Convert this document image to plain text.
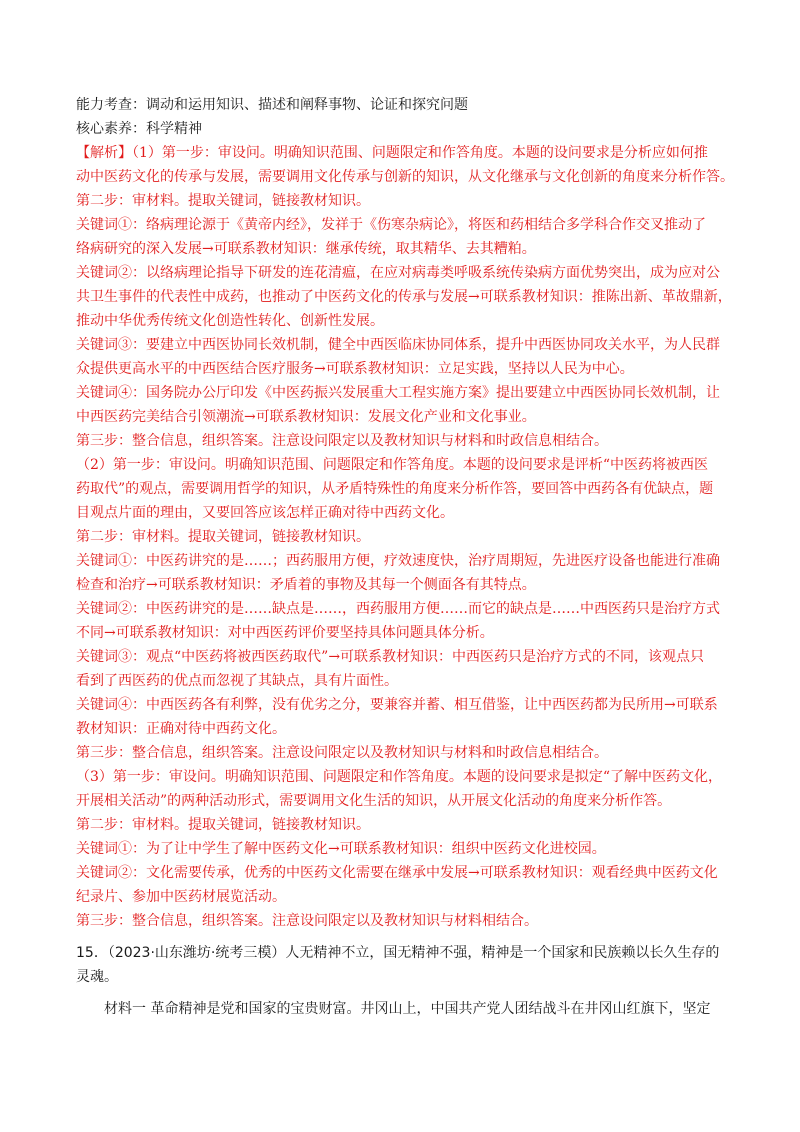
能力考查：调动和运用知识、描述和阐释事物、论证和探究问题
核心素养：科学精神
【解析】（1）第一步：审设问。明确知识范围、问题限定和作答角度。本题的设问要求是分析应如何推
动中医药文化的传承与发展，需要调用文化传承与创新的知识，从文化继承与文化创新的角度来分析作答。
第二步：审材料。提取关键词，链接教材知识。
关键词①：络病理论源于《黄帝内经》，发祥于《伤寒杂病论》，将医和药相结合多学科合作交叉推动了
络病研究的深入发展→可联系教材知识：继承传统，取其精华、去其糟粕。
关键词②：以络病理论指导下研发的连花清瘟，在应对病毒类呼吸系统传染病方面优势突出，成为应对公
共卫生事件的代表性中成药，也推动了中医药文化的传承与发展→可联系教材知识：推陈出新、革故鼎新，
推动中华优秀传统文化创造性转化、创新性发展。
关键词③：要建立中西医协同长效机制，健全中西医临床协同体系，提升中西医协同攻关水平，为人民群
众提供更高水平的中西医结合医疗服务→可联系教材知识：立足实践，坚持以人民为中心。
关键词④：国务院办公厅印发《中医药振兴发展重大工程实施方案》提出要建立中西医协同长效机制，让
中西医药完美结合引领潮流→可联系教材知识：发展文化产业和文化事业。
第三步：整合信息，组织答案。注意设问限定以及教材知识与材料和时政信息相结合。
（2）第一步：审设问。明确知识范围、问题限定和作答角度。本题的设问要求是评析“中医药将被西医
药取代”的观点，需要调用哲学的知识，从矛盾特殊性的角度来分析作答，要回答中西药各有优缺点，题
目观点片面的理由，又要回答应该怎样正确对待中西药文化。
第二步：审材料。提取关键词，链接教材知识。
关键词①：中医药讲究的是……；西药服用方便，疗效速度快，治疗周期短，先进医疗设备也能进行准确
检查和治疗→可联系教材知识：矛盾着的事物及其每一个侧面各有其特点。
关键词②：中医药讲究的是……缺点是……，西药服用方便……而它的缺点是……中西医药只是治疗方式
不同→可联系教材知识：对中西医药评价要坚持具体问题具体分析。
关键词③：观点“中医药将被西医药取代”→可联系教材知识：中西医药只是治疗方式的不同，该观点只
看到了西医药的优点而忽视了其缺点，具有片面性。
关键词④：中西医药各有利弊，没有优劣之分，要兼容并蓄、相互借鉴，让中西医药都为民所用→可联系
教材知识：正确对待中西药文化。
第三步：整合信息，组织答案。注意设问限定以及教材知识与材料和时政信息相结合。
（3）第一步：审设问。明确知识范围、问题限定和作答角度。本题的设问要求是拟定“了解中医药文化，
开展相关活动”的两种活动形式，需要调用文化生活的知识，从开展文化活动的角度来分析作答。
第二步：审材料。提取关键词，链接教材知识。
关键词①：为了让中学生了解中医药文化→可联系教材知识：组织中医药文化进校园。
关键词②：文化需要传承，优秀的中医药文化需要在继承中发展→可联系教材知识：观看经典中医药文化
纪录片、参加中医药材展览活动。
第三步：整合信息，组织答案。注意设问限定以及教材知识与材料相结合。
15．（2023·山东潍坊·统考三模）人无精神不立，国无精神不强，精神是一个国家和民族赖以长久生存的
灵魂。
材料一 革命精神是党和国家的宝贵财富。井冈山上，中国共产党人团结战斗在井冈山红旗下，坚定
